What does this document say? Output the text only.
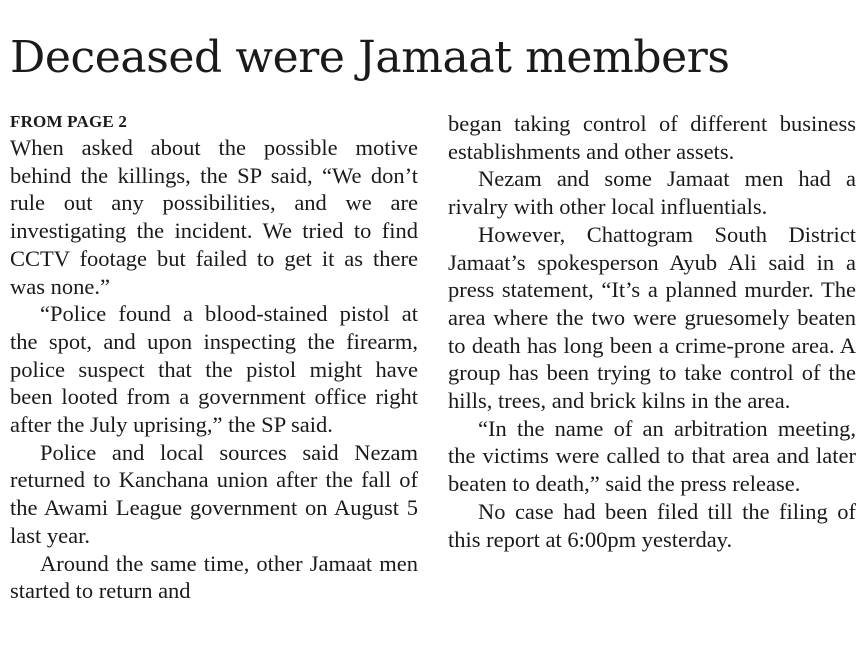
Deceased were Jamaat members
FROM PAGE 2

When asked about the possible motive behind the killings, the SP said, “We don’t rule out any possibilities, and we are investigating the incident. We tried to find CCTV footage but failed to get it as there was none.”

“Police found a blood-stained pistol at the spot, and upon inspecting the firearm, police suspect that the pistol might have been looted from a government office right after the July uprising,” the SP said.

Police and local sources said Nezam returned to Kanchana union after the fall of the Awami League government on August 5 last year.

Around the same time, other Jamaat men started to return and

began taking control of different business establishments and other assets.

Nezam and some Jamaat men had a rivalry with other local influentials.

However, Chattogram South District Jamaat’s spokesperson Ayub Ali said in a press statement, “It’s a planned murder. The area where the two were gruesomely beaten to death has long been a crime-prone area. A group has been trying to take control of the hills, trees, and brick kilns in the area.

“In the name of an arbitration meeting, the victims were called to that area and later beaten to death,” said the press release.

No case had been filed till the filing of this report at 6:00pm yesterday.
